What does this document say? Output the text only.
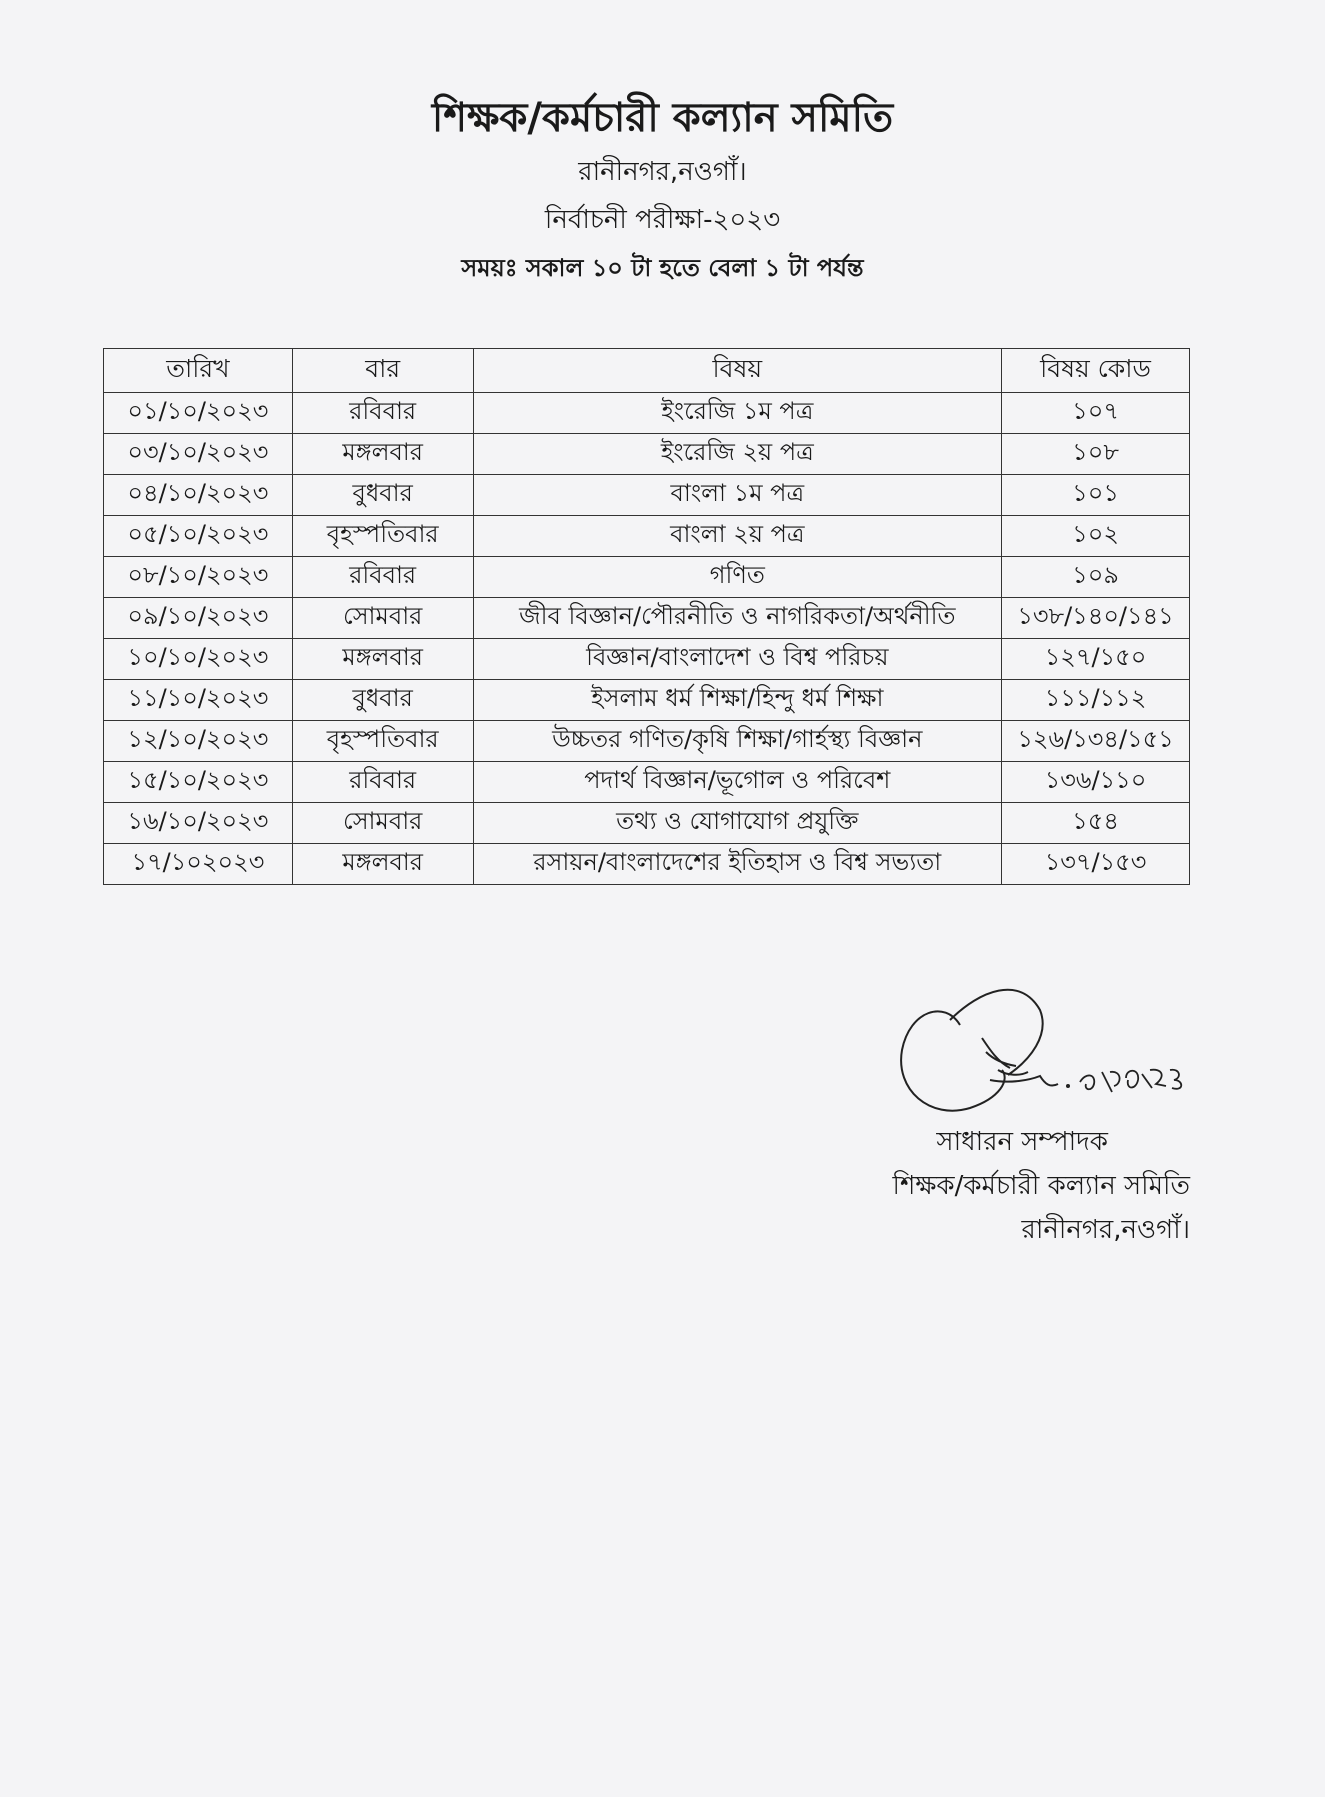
শিক্ষক/কর্মচারী কল্যান সমিতি

রানীনগর,নওগাঁ।

নির্বাচনী পরীক্ষা-২০২৩

সময়ঃ সকাল ১০ টা হতে বেলা ১ টা পর্যন্ত

তারিখ	বার	বিষয়	বিষয় কোড
০১/১০/২০২৩	রবিবার	ইংরেজি ১ম পত্র	১০৭
০৩/১০/২০২৩	মঙ্গলবার	ইংরেজি ২য় পত্র	১০৮
০৪/১০/২০২৩	বুধবার	বাংলা ১ম পত্র	১০১
০৫/১০/২০২৩	বৃহস্পতিবার	বাংলা ২য় পত্র	১০২
০৮/১০/২০২৩	রবিবার	গণিত	১০৯
০৯/১০/২০২৩	সোমবার	জীব বিজ্ঞান/পৌরনীতি ও নাগরিকতা/অর্থনীতি	১৩৮/১৪০/১৪১
১০/১০/২০২৩	মঙ্গলবার	বিজ্ঞান/বাংলাদেশ ও বিশ্ব পরিচয়	১২৭/১৫০
১১/১০/২০২৩	বুধবার	ইসলাম ধর্ম শিক্ষা/হিন্দু ধর্ম শিক্ষা	১১১/১১২
১২/১০/২০২৩	বৃহস্পতিবার	উচ্চতর গণিত/কৃষি শিক্ষা/গার্হস্থ্য বিজ্ঞান	১২৬/১৩৪/১৫১
১৫/১০/২০২৩	রবিবার	পদার্থ বিজ্ঞান/ভূগোল ও পরিবেশ	১৩৬/১১০
১৬/১০/২০২৩	সোমবার	তথ্য ও যোগাযোগ প্রযুক্তি	১৫৪
১৭/১০২০২৩	মঙ্গলবার	রসায়ন/বাংলাদেশের ইতিহাস ও বিশ্ব সভ্যতা	১৩৭/১৫৩

সাধারন সম্পাদক

শিক্ষক/কর্মচারী কল্যান সমিতি

রানীনগর,নওগাঁ।
